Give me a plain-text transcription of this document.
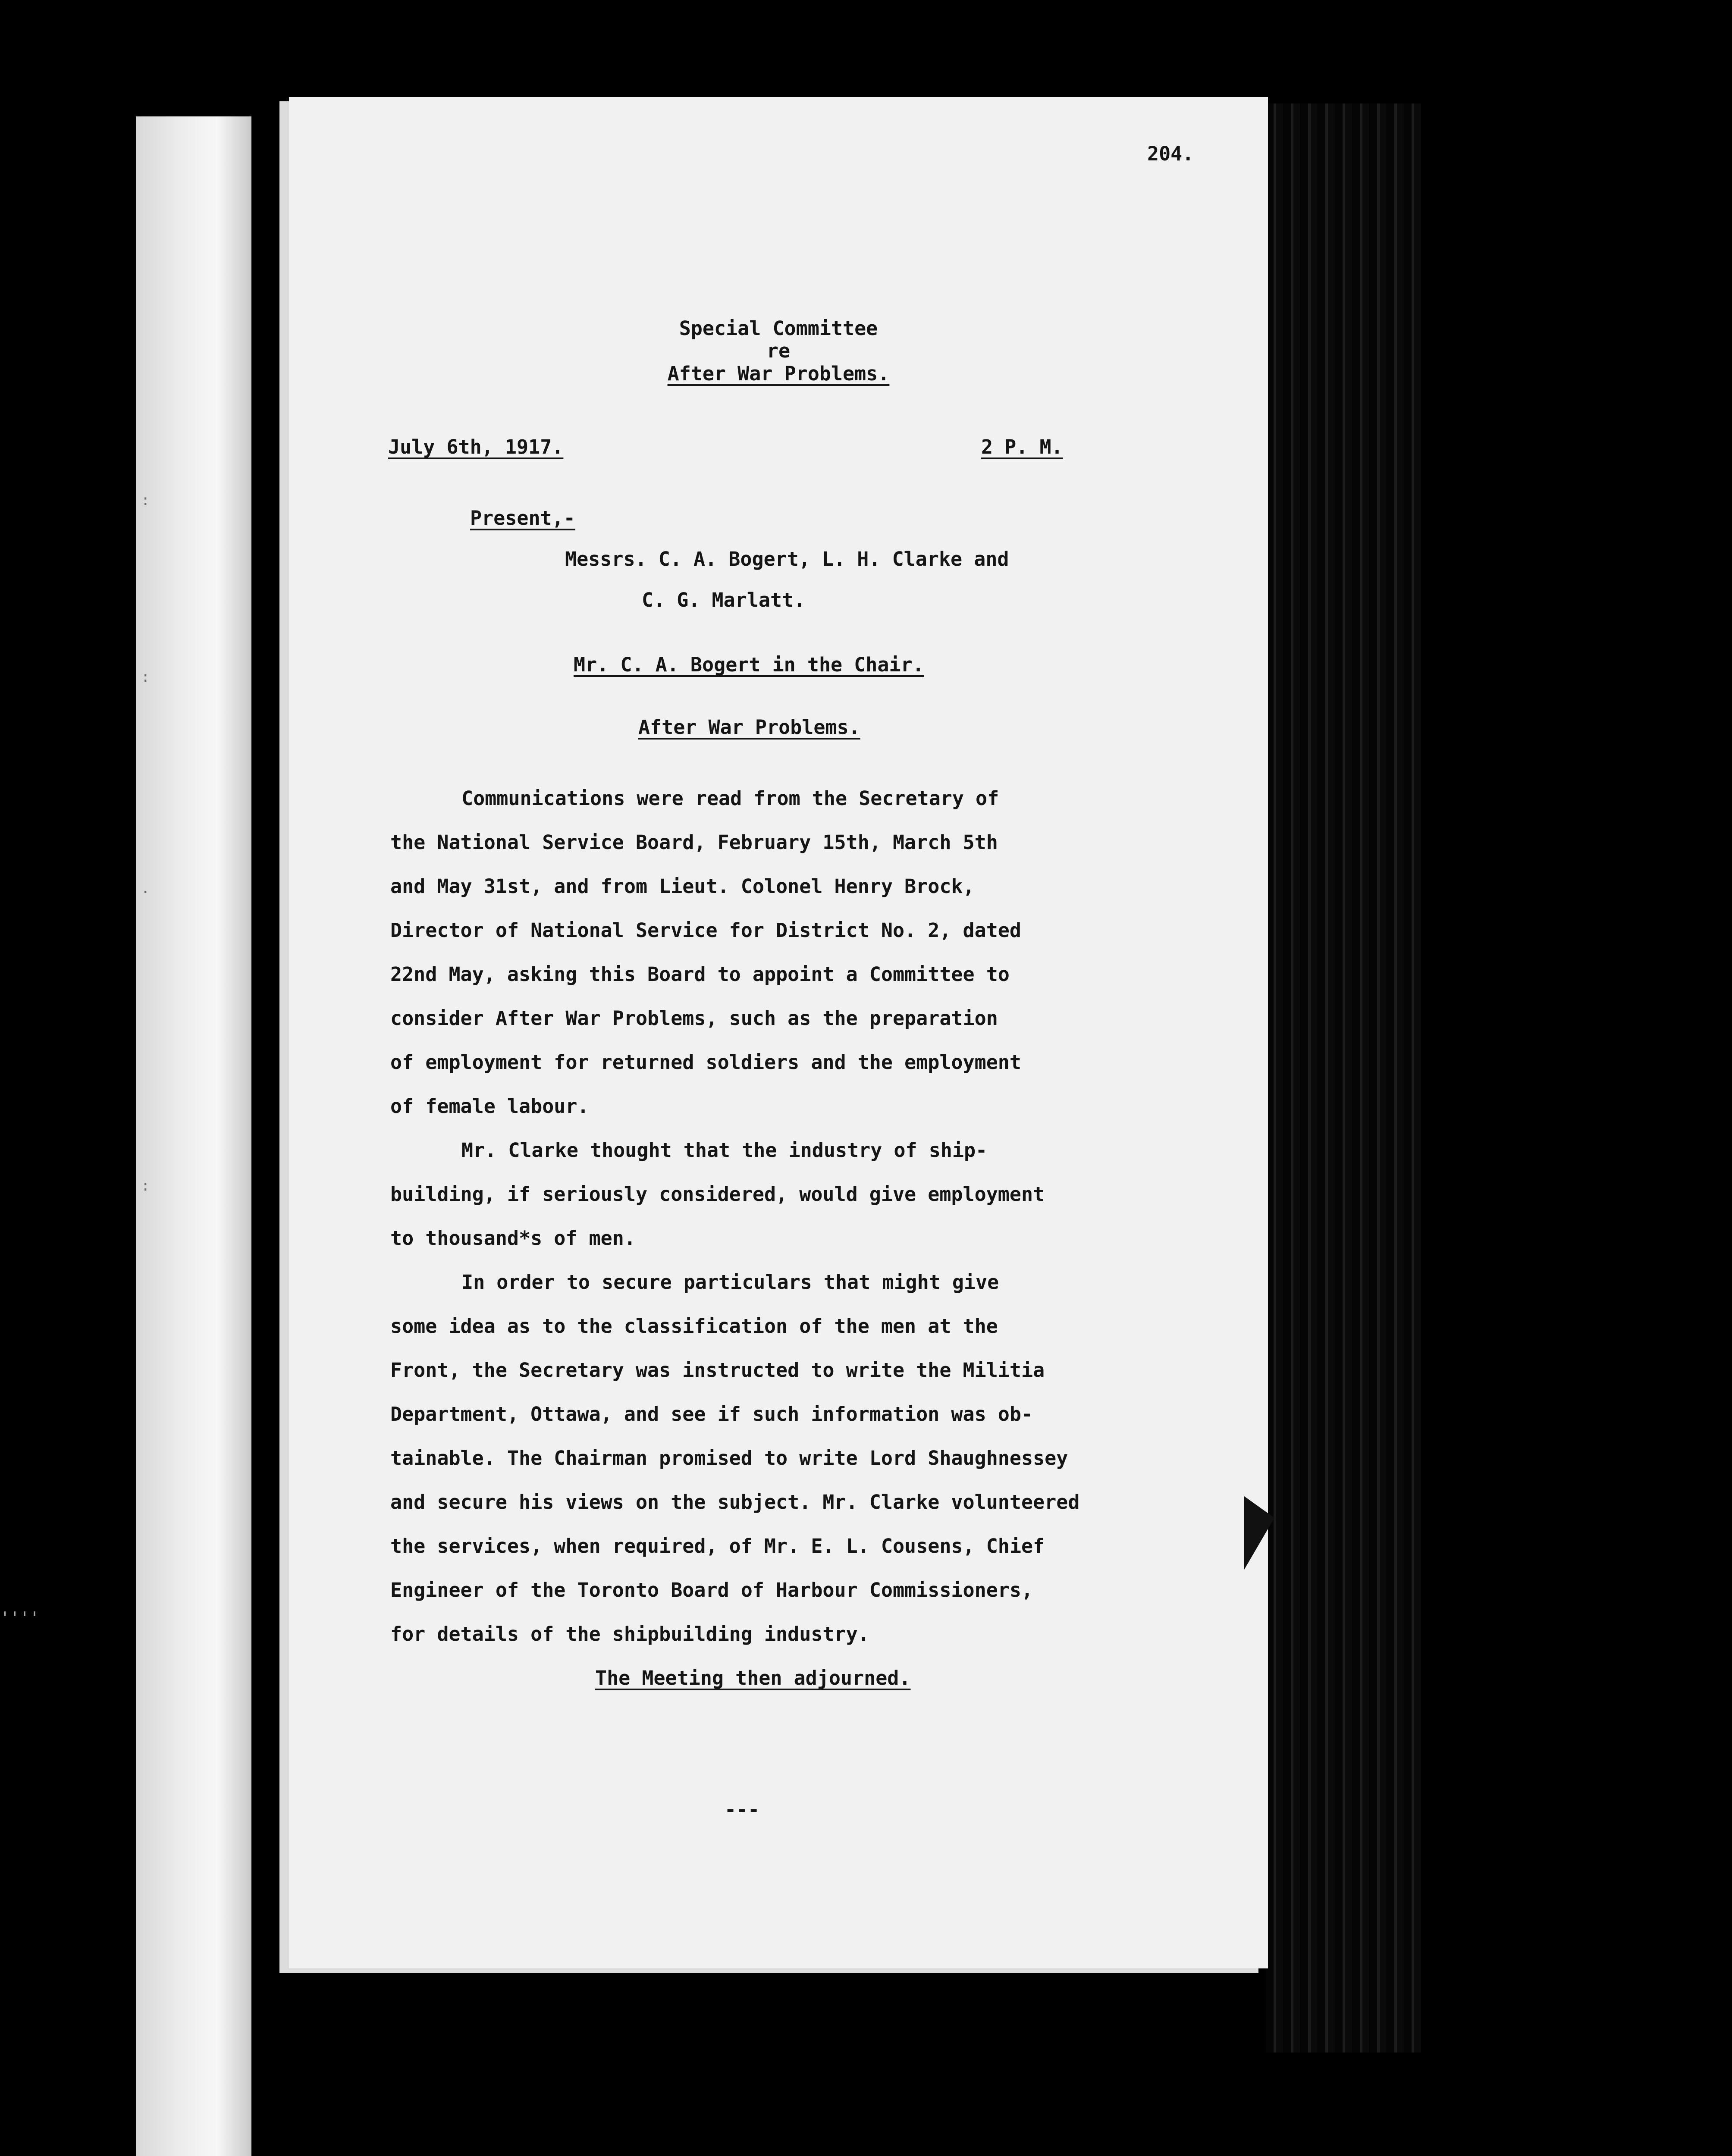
:
:
.
:
''''
204.
Special Committee
re
After War Problems.
July 6th, 1917.	2 P. M.
Present,-
Messrs. C. A. Bogert, L. H. Clarke and
C. G. Marlatt.
Mr. C. A. Bogert in the Chair.
After War Problems.
Communications were read from the Secretary of
the National Service Board, February 15th, March 5th
and May 31st, and from Lieut. Colonel Henry Brock,
Director of National Service for District No. 2, dated
22nd May, asking this Board to appoint a Committee to
consider After War Problems, such as the preparation
of employment for returned soldiers and the employment
of female labour.
Mr. Clarke thought that the industry of ship-
building, if seriously considered, would give employment
to thousand*s of men.
In order to secure particulars that might give
some idea as to the classification of the men at the
Front, the Secretary was instructed to write the Militia
Department, Ottawa, and see if such information was ob-
tainable. The Chairman promised to write Lord Shaughnessey
and secure his views on the subject. Mr. Clarke volunteered
the services, when required, of Mr. E. L. Cousens, Chief
Engineer of the Toronto Board of Harbour Commissioners,
for details of the shipbuilding industry.
The Meeting then adjourned.
---
